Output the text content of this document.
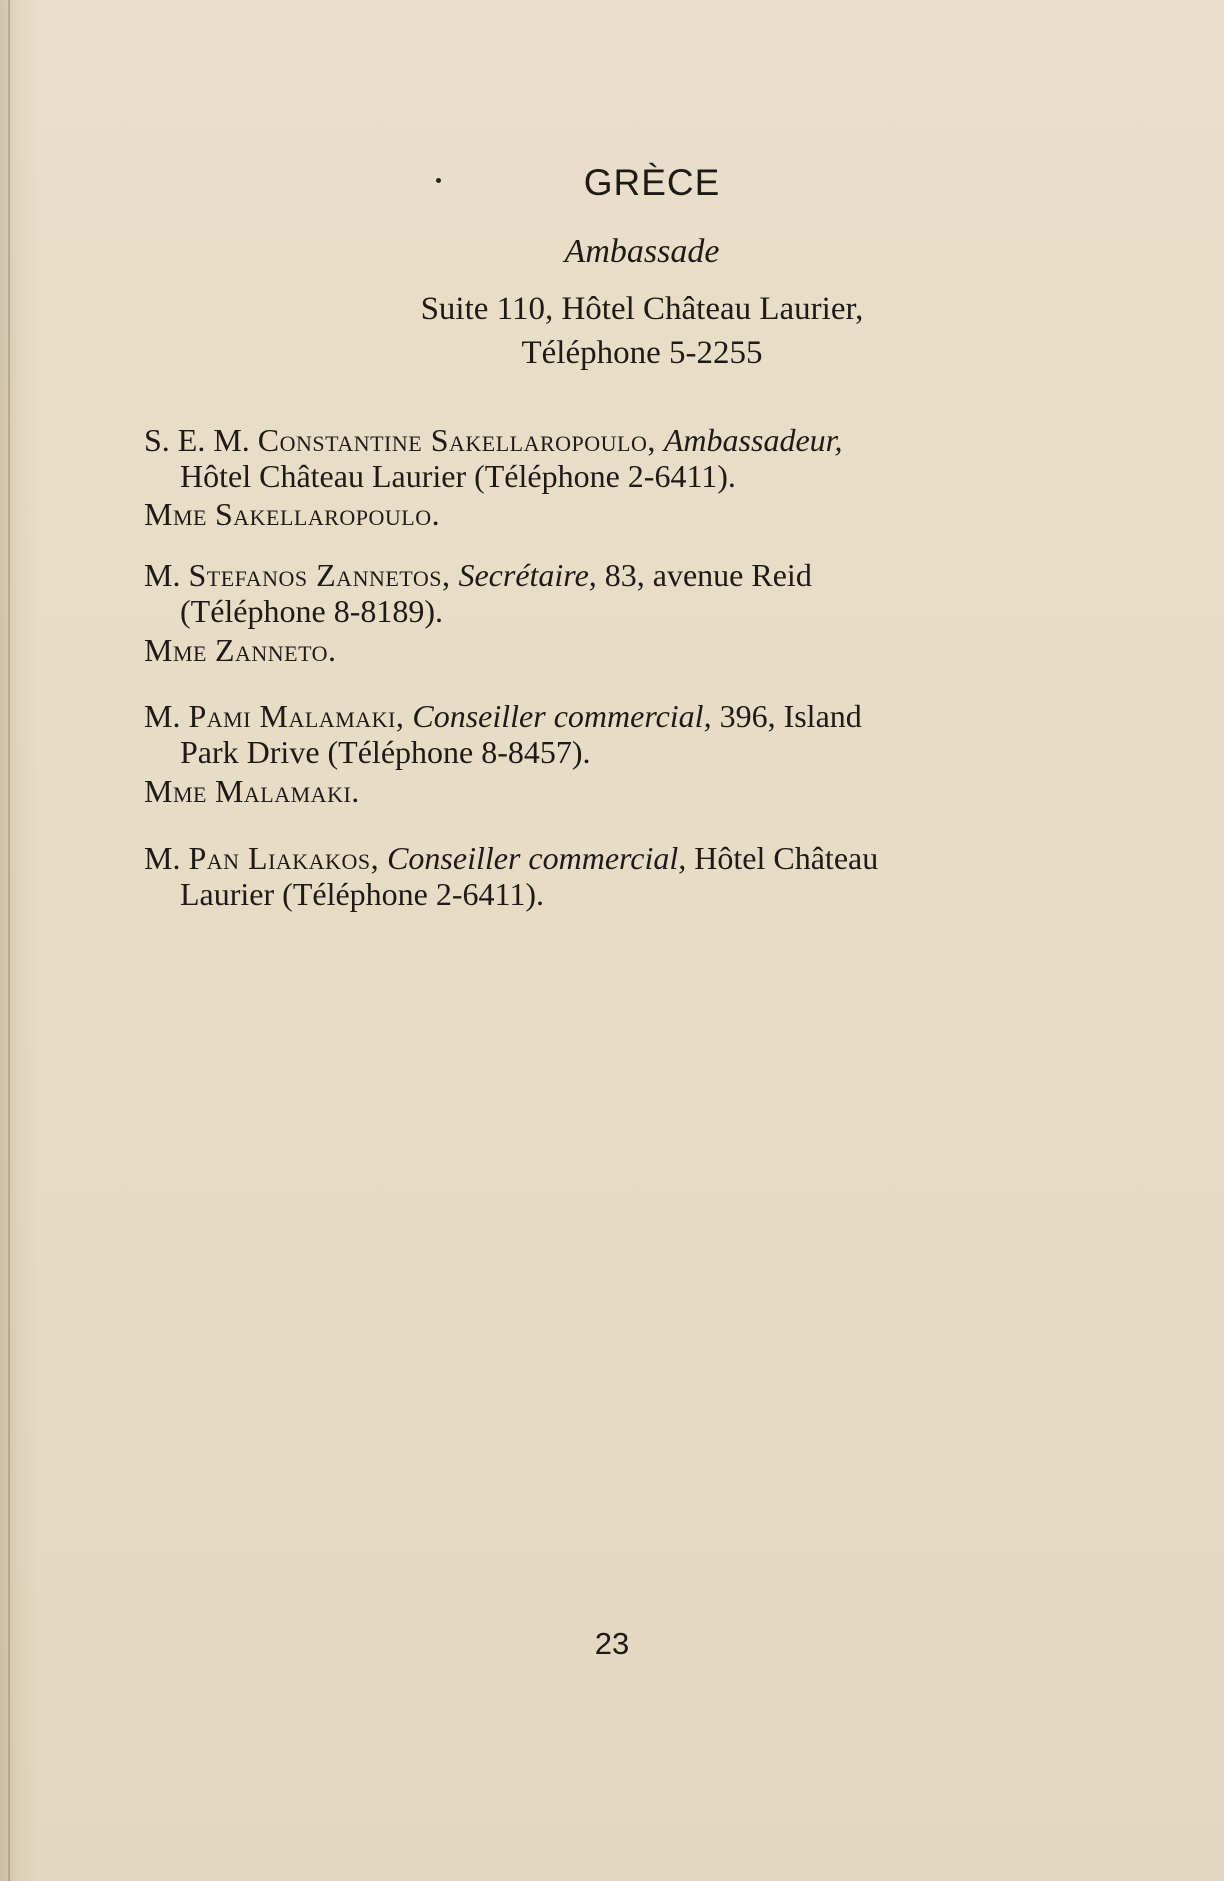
GRÈCE
Ambassade
Suite 110, Hôtel Château Laurier,
Téléphone 5-2255
S. E. M. Constantine Sakellaropoulo, Ambassadeur,
Hôtel Château Laurier (Téléphone 2-6411).
Mme Sakellaropoulo.
M. Stefanos Zannetos, Secrétaire, 83, avenue Reid
(Téléphone 8-8189).
Mme Zanneto.
M. Pami Malamaki, Conseiller commercial, 396, Island
Park Drive (Téléphone 8-8457).
Mme Malamaki.
M. Pan Liakakos, Conseiller commercial, Hôtel Château
Laurier (Téléphone 2-6411).
23
